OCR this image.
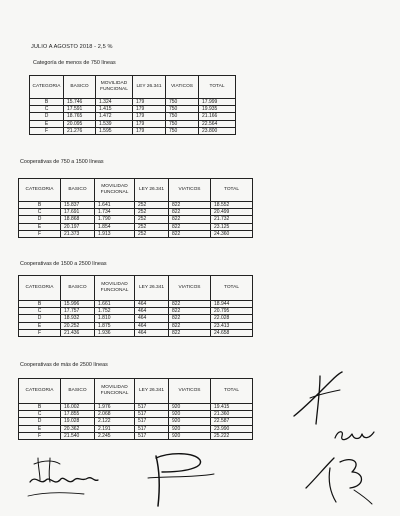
JULIO A AGOSTO 2018 - 2,5 %
Categoría de menos de 750 líneas
CATEGORIA	BASICO	MOVILIDAD FUNCIONAL	LEY 26.341	VIATICOS	TOTAL
B	15.746	1.324	179	750	17.999
C	17.591	1.415	179	750	19.935
D	18.765	1.472	179	750	21.166
E	20.095	1.539	179	750	22.564
F	21.276	1.595	179	750	23.800
Cooperativas de 750 a 1500 líneas
CATEGORIA	BASICO	MOVILIDAD FUNCIONAL	LEY 26.341	VIATICOS	TOTAL
B	15.837	1.641	252	822	18.552
C	17.691	1.734	252	822	20.499
D	18.868	1.790	252	822	21.732
E	20.197	1.854	252	822	23.125
F	21.373	1.913	252	822	24.360
Cooperativas de 1500 a 2500 líneas
CATEGORIA	BASICO	MOVILIDAD FUNCIONAL	LEY 26.341	VIATICOS	TOTAL
B	15.996	1.661	464	822	18.944
C	17.757	1.752	464	822	20.795
D	18.932	1.810	464	822	22.028
E	20.252	1.875	464	822	23.413
F	21.436	1.936	464	822	24.658
Cooperativas de más de 2500 líneas
CATEGORIA	BASICO	MOVILIDAD FUNCIONAL	LEY 26.341	VIATICOS	TOTAL
B	16.002	1.976	517	920	19.415
C	17.855	2.068	517	920	21.360
D	19.028	2.122	517	920	22.587
E	20.362	2.191	517	920	23.990
F	21.540	2.245	517	920	25.222
